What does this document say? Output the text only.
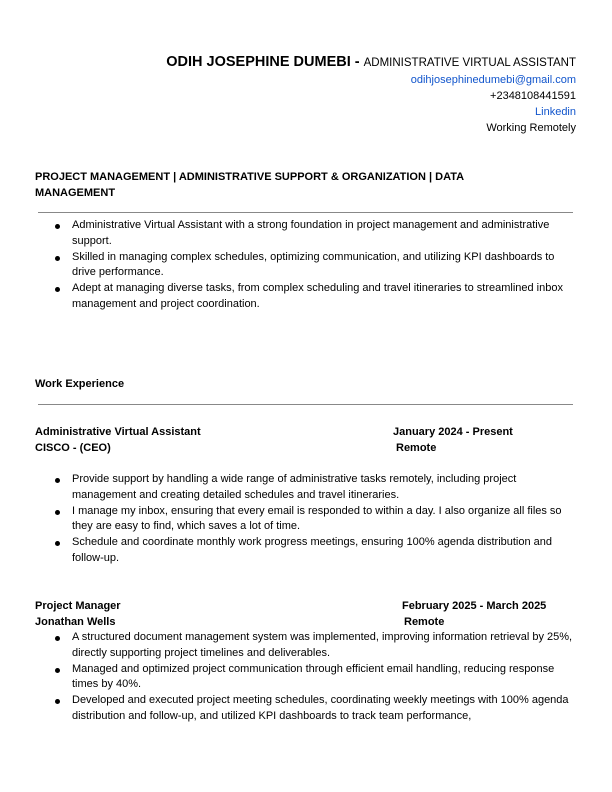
ODIH JOSEPHINE DUMEBI - ADMINISTRATIVE VIRTUAL ASSISTANT
odihjosephinedumebi@gmail.com
+2348108441591
Linkedin
Working Remotely
PROJECT MANAGEMENT | ADMINISTRATIVE SUPPORT & ORGANIZATION | DATA MANAGEMENT
Administrative Virtual Assistant with a strong foundation in project management and administrative support.
Skilled in managing complex schedules, optimizing communication, and utilizing KPI dashboards to drive performance.
Adept at managing diverse tasks, from complex scheduling and travel itineraries to streamlined inbox management and project coordination.
Work Experience
Administrative Virtual Assistant
CISCO - (CEO)
January 2024 - Present
Remote
Provide support by handling a wide range of administrative tasks remotely, including project management and creating detailed schedules and travel itineraries.
I manage my inbox, ensuring that every email is responded to within a day. I also organize all files so they are easy to find, which saves a lot of time.
Schedule and coordinate monthly work progress meetings, ensuring 100% agenda distribution and follow-up.
Project Manager
Jonathan Wells
February 2025 - March 2025
Remote
A structured document management system was implemented, improving information retrieval by 25%, directly supporting project timelines and deliverables.
Managed and optimized project communication through efficient email handling, reducing response times by 40%.
Developed and executed project meeting schedules, coordinating weekly meetings with 100% agenda distribution and follow-up, and utilized KPI dashboards to track team performance,
